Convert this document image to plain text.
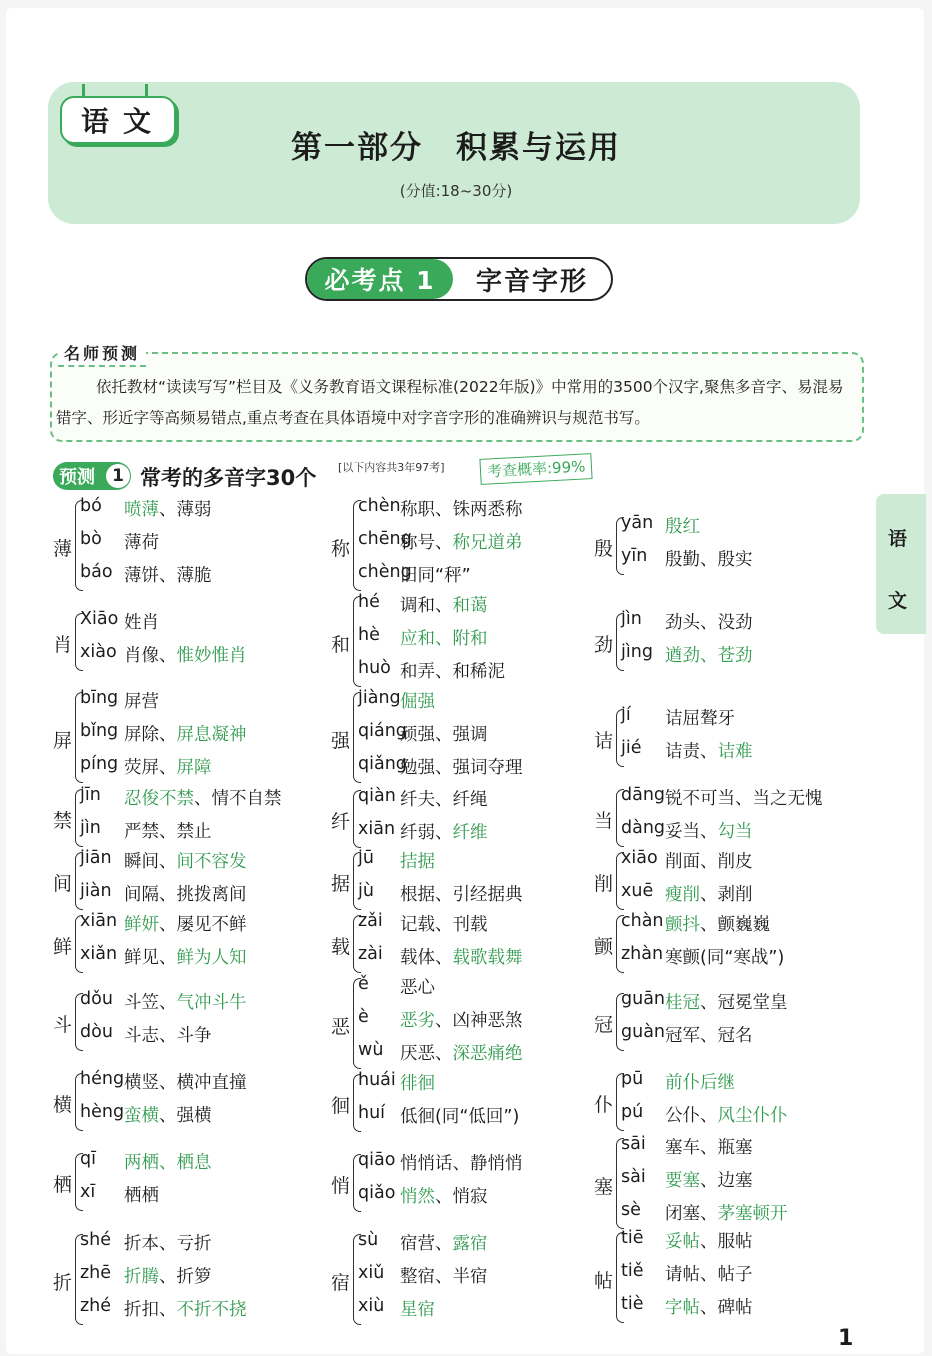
语文
第一部分　积累与运用
(分值:18~30分)
必考点 1	字音字形
名师预测
依托教材“读读写写”栏目及《义务教育语文课程标准(2022年版)》中常用的3500个汉字,聚焦多音字、易混易错字、形近字等高频易错点,重点考查在具体语境中对字音字形的准确辨识与规范书写。
预测	1 常考的多音字30个 [以下内容共3年97考]	考查概率:99%
语
文
薄
bó 喷薄、薄弱
bò 薄荷
báo 薄饼、薄脆
肖
Xiāo 姓肖
xiào 肖像、惟妙惟肖
屏
bīng 屏营
bǐng 屏除、屏息凝神
píng 荧屏、屏障
禁
jīn 忍俊不禁、情不自禁
jìn 严禁、禁止
间
jiān 瞬间、间不容发
jiàn 间隔、挑拨离间
鲜
xiān 鲜妍、屡见不鲜
xiǎn 鲜见、鲜为人知
斗
dǒu 斗笠、气冲斗牛
dòu 斗志、斗争
横
héng 横竖、横冲直撞
hèng 蛮横、强横
栖
qī 两栖、栖息
xī 栖栖
折
shé 折本、亏折
zhē 折腾、折箩
zhé 折扣、不折不挠
称
chèn 称职、铢两悉称
chēng
称号、称兄道弟
chèng
旧同“秤”
和
hé 调和、和蔼
hè 应和、附和
huò 和弄、和稀泥
强
jiàng 倔强
qiáng
顽强、强调
qiǎng
勉强、强词夺理
纤
qiàn 纤夫、纤绳
xiān 纤弱、纤维
据
jū 拮据
jù 根据、引经据典
载
zǎi 记载、刊载
zài 载体、载歌载舞
恶
ě 恶心
è 恶劣、凶神恶煞
wù 厌恶、深恶痛绝
徊
huái 徘徊
huí 低徊(同“低回”)
悄
qiāo 悄悄话、静悄悄
qiǎo 悄然、悄寂
宿
sù 宿营、露宿
xiǔ 整宿、半宿
xiù 星宿
殷
yān 殷红
yīn 殷勤、殷实
劲
jìn 劲头、没劲
jìng 遒劲、苍劲
诘
jí 诘屈聱牙
jié 诘责、诘难
当
dāng 锐不可当、当之无愧
dàng 妥当、勾当
削
xiāo 削面、削皮
xuē 瘦削、剥削
颤
chàn 颤抖、颤巍巍
zhàn 寒颤(同“寒战”)
冠
guān 桂冠、冠冕堂皇
guàn 冠军、冠名
仆
pū 前仆后继
pú 公仆、风尘仆仆
塞
sāi 塞车、瓶塞
sài 要塞、边塞
sè 闭塞、茅塞顿开
帖
tiē 妥帖、服帖
tiě 请帖、帖子
tiè 字帖、碑帖
1
